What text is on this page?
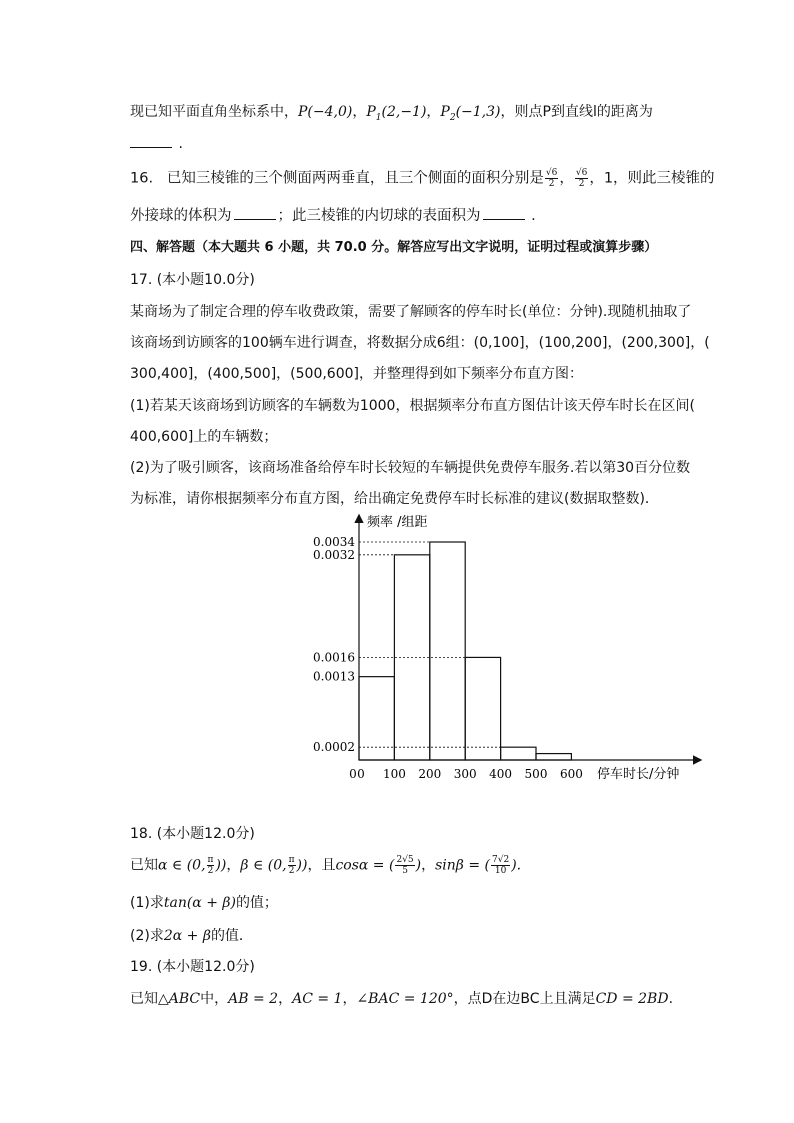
现已知平面直角坐标系中，P(−4,0)，$P_1(2,-1)$，$P_2(-1,3)$，则点P到直线l的距离为
.
16. 已知三棱锥的三个侧面两两垂直，且三个侧面的面积分别是 $\frac{√6}{2}$ ， $\frac{√6}{2}$ ，1，则此三棱锥的
外接球的体积为	；此三棱锥的内切球的表面积为	.
四、解答题（本大题共 6 小题，共 70.0 分。解答应写出文字说明，证明过程或演算步骤）
17. (本小题10.0分)
某商场为了制定合理的停车收费政策，需要了解顾客的停车时长(单位：分钟).现随机抽取了
该商场到访顾客的100辆车进行调查，将数据分成6组：(0,100]，(100,200]，(200,300]，(
300,400]，(400,500]，(500,600]，并整理得到如下频率分布直方图：
(1)若某天该商场到访顾客的车辆数为1000，根据频率分布直方图估计该天停车时长在区间(
400,600]上的车辆数；
(2)为了吸引顾客，该商场准备给停车时长较短的车辆提供免费停车服务.若以第30百分位数
为标准，请你根据频率分布直方图，给出确定免费停车时长标准的建议(数据取整数)．
0.0002
0.0013
0.0016
0.0032
0.0034
0 100 200 300 400 500 600
0
频率 /组距
停车时长/分钟
18. (本小题12.0分)
已知α ∈ (0, $\frac{\pi}{2}$ ))，β ∈ (0, $\frac{\pi}{2}$ ))，且cosα = ( $\frac{2√5}{5}$ )，sinβ = ( $\frac{7√2}{10}$ ).
(1)求tan(α + β)的值；
(2)求2α + β的值．
19. (本小题12.0分)
已知△ABC中，AB = 2，AC = 1，∠BAC = 120°，点D在边BC上且满足CD = 2BD.
